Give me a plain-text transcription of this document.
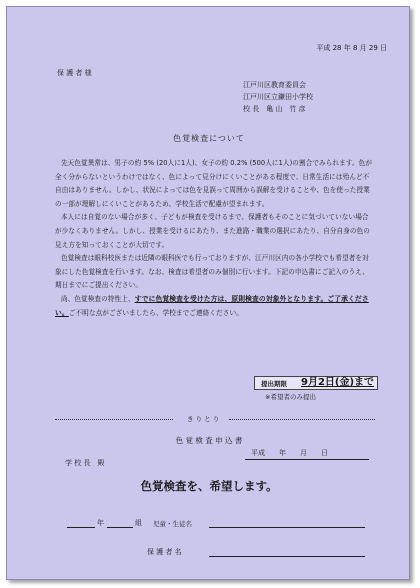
平成 28 年 8 月 29 日
保 護 者 様
江戸川区教育委員会
江戸川区立鎌田小学校
校 長　亀 山　竹 彦
色覚検査について

先天色覚異常は、男子の約 5% (20人に1人)、女子の約 0.2% (500人に1人)の割合でみられます。色が全く分からないというわけではなく、色によって見分けにくいことがある程度で、日常生活には殆んど不自由はありません。しかし、状況によっては色を見誤って周囲から誤解を受けることや、色を使った授業の一部が理解しにくいことがあるため、学校生活で配慮が望まれます。

本人には自覚のない場合が多く、子どもが検査を受けるまで、保護者もそのことに気づいていない場合が少なくありません。しかし、授業を受けるにあたり、また進路・職業の選択にあたり、自分自身の色の見え方を知っておくことが大切です。

色覚検査は眼科校医または近隣の眼科医でも行っておりますが、江戸川区内の各小学校でも希望者を対象にした色覚検査を行います。なお、検査は希望者のみ個別に行います。下記の申込書にご記入のうえ、期日までにご提出ください。

尚、色覚検査の特性上、すでに色覚検査を受けた方は、原則検査の対象外となります。ご了承ください。ご不明な点がございましたら、学校までご連絡ください。

提出期限 9月2日(金)まで
※希望者のみ提出
き り と り
色 覚 検 査 申 込 書
平成　　年　　月　　日
学 校 長　殿
色覚検査を、希望します。
年	組 児童・生徒名
保 護 者 名
